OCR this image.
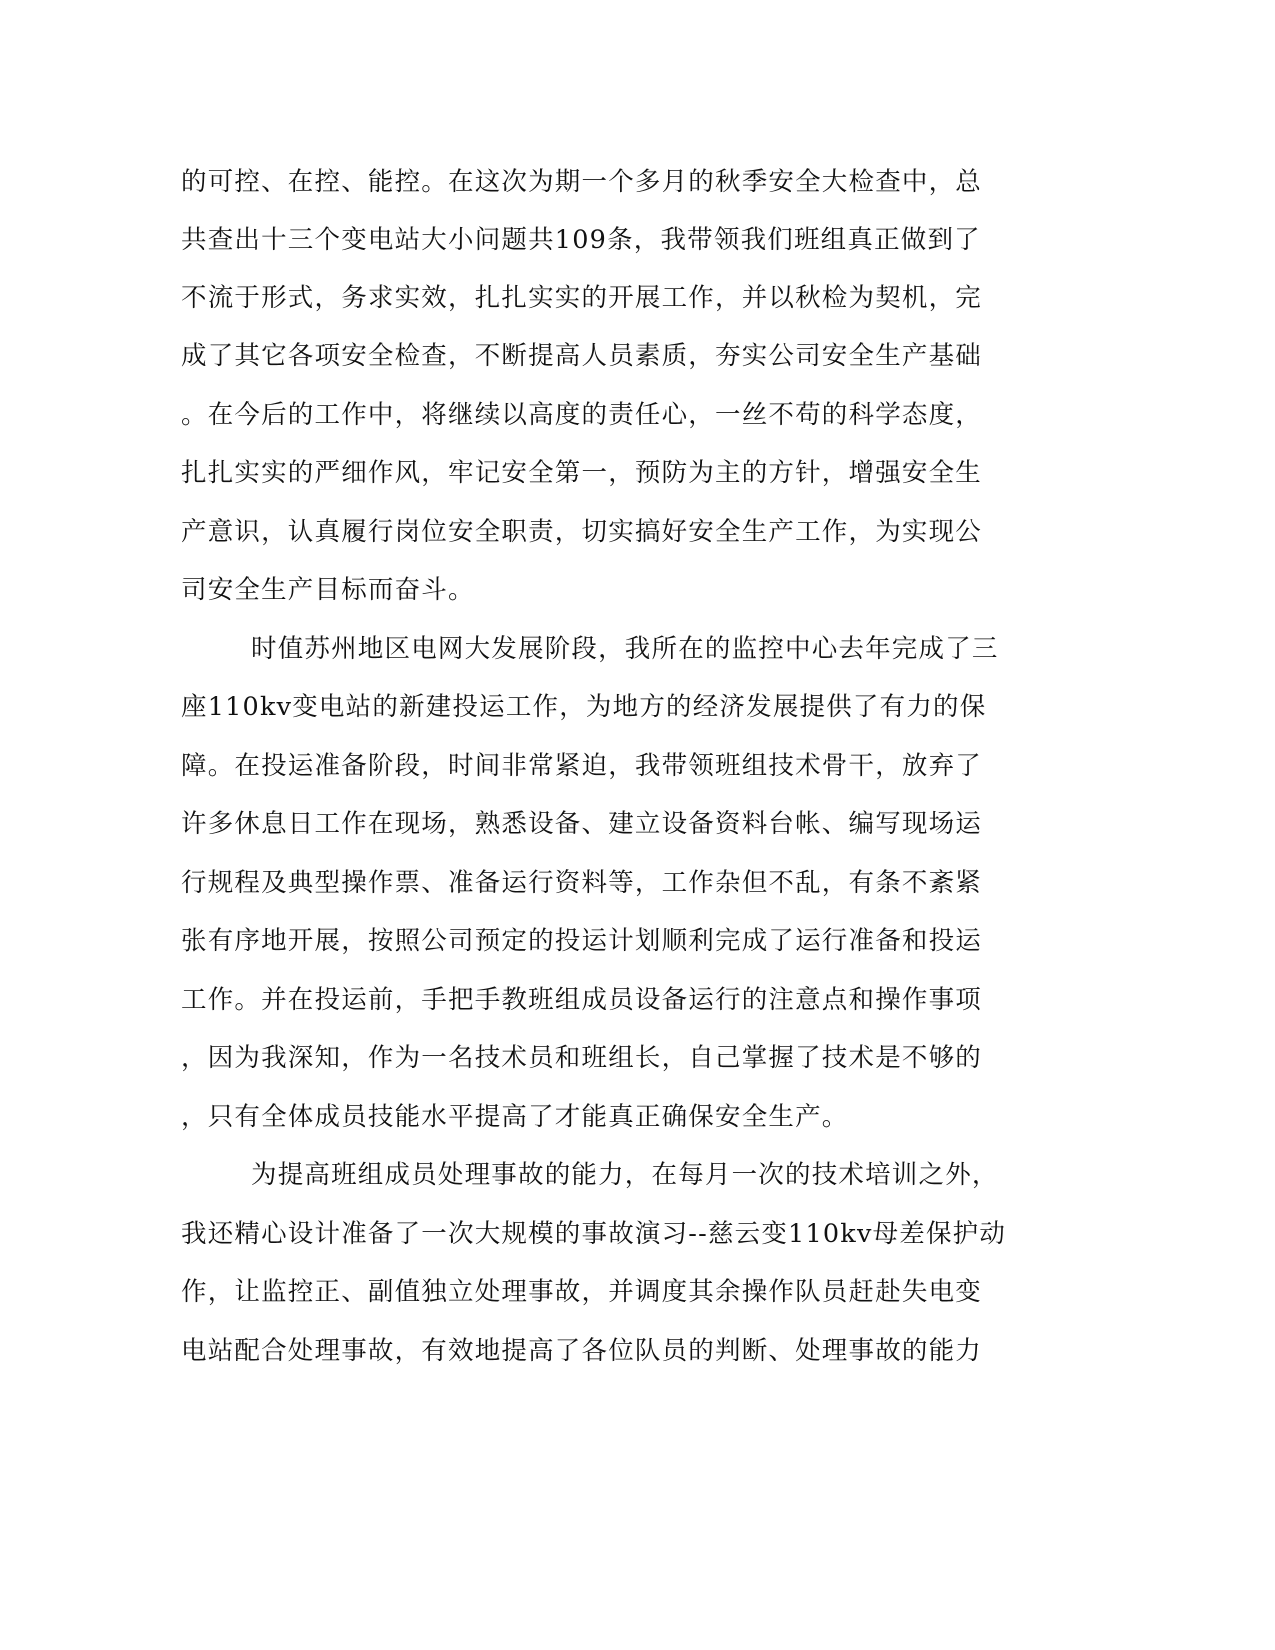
的可控、在控、能控。在这次为期一个多月的秋季安全大检查中，总
共查出十三个变电站大小问题共109条，我带领我们班组真正做到了
不流于形式，务求实效，扎扎实实的开展工作，并以秋检为契机，完
成了其它各项安全检查，不断提高人员素质，夯实公司安全生产基础
。在今后的工作中，将继续以高度的责任心，一丝不苟的科学态度，
扎扎实实的严细作风，牢记安全第一，预防为主的方针，增强安全生
产意识，认真履行岗位安全职责，切实搞好安全生产工作，为实现公
司安全生产目标而奋斗。
时值苏州地区电网大发展阶段，我所在的监控中心去年完成了三
座110kv变电站的新建投运工作，为地方的经济发展提供了有力的保
障。在投运准备阶段，时间非常紧迫，我带领班组技术骨干，放弃了
许多休息日工作在现场，熟悉设备、建立设备资料台帐、编写现场运
行规程及典型操作票、准备运行资料等，工作杂但不乱，有条不紊紧
张有序地开展，按照公司预定的投运计划顺利完成了运行准备和投运
工作。并在投运前，手把手教班组成员设备运行的注意点和操作事项
，因为我深知，作为一名技术员和班组长，自己掌握了技术是不够的
，只有全体成员技能水平提高了才能真正确保安全生产。
为提高班组成员处理事故的能力，在每月一次的技术培训之外，
我还精心设计准备了一次大规模的事故演习--慈云变110kv母差保护动
作，让监控正、副值独立处理事故，并调度其余操作队员赶赴失电变
电站配合处理事故，有效地提高了各位队员的判断、处理事故的能力
